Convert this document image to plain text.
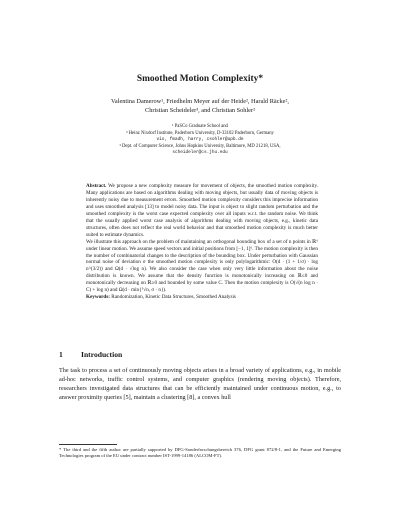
Smoothed Motion Complexity*
Valentina Damerow¹, Friedhelm Meyer auf der Heide², Harald Räcke²,
Christian Scheideler³, and Christian Sohler²
¹ PaSCo Graduate School and
² Heinz Nixdorf Institute, Paderborn University, D-33102 Paderborn, Germany
vio, fmadh, harry, csohler@upb.de
³ Dept. of Computer Science, Johns Hopkins University, Baltimore, MD 21218, USA,
scheideler@cs.jhu.edu

Abstract. We propose a new complexity measure for movement of objects, the smoothed motion complexity. Many applications are based on algorithms dealing with moving objects, but usually data of moving objects is inherently noisy due to measurement errors. Smoothed motion complexity considers this imprecise information and uses smoothed analysis [13] to model noisy data. The input is object to slight random perturbation and the smoothed complexity is the worst case expected complexity over all inputs w.r.t. the random noise. We think that the usually applied worst case analysis of algorithms dealing with moving objects, e.g., kinetic data structures, often does not reflect the real world behavior and that smoothed motion complexity is much better suited to estimate dynamics.

We illustrate this approach on the problem of maintaining an orthogonal bounding box of a set of n points in ℝᵈ under linear motion. We assume speed vectors and initial positions from [−1, 1]ᵈ. The motion complexity is then the number of combinatorial changes to the description of the bounding box. Under perturbation with Gaussian normal noise of deviation σ the smoothed motion complexity is only polylogarithmic: O(d · (1 + 1/σ) · log n^(3/2)) and Ω(d · √log n). We also consider the case when only very little information about the noise distribution is known. We assume that the density function is monotonically increasing on ℝ≤0 and monotonically decreasing on ℝ≥0 and bounded by some value C. Then the motion complexity is O(√(n log n · C) + log n) and Ω(d · min{⁵√n, σ · n}).

Keywords: Randomization, Kinetic Data Structures, Smoothed Analysis

1 Introduction

The task to process a set of continuously moving objects arises in a broad variety of applications, e.g., in mobile ad-hoc networks, traffic control systems, and computer graphics (rendering moving objects). Therefore, researchers investigated data structures that can be efficiently maintained under continuous motion, e.g., to answer proximity queries [5], maintain a clustering [8], a convex hull

* The third and the fifth author are partially supported by DFG-Sonderforschungsbereich 376, DFG grant 872/8-1, and the Future and Emerging Technologies program of the EU under contract number IST-1999-14186 (ALCOM-FT).
